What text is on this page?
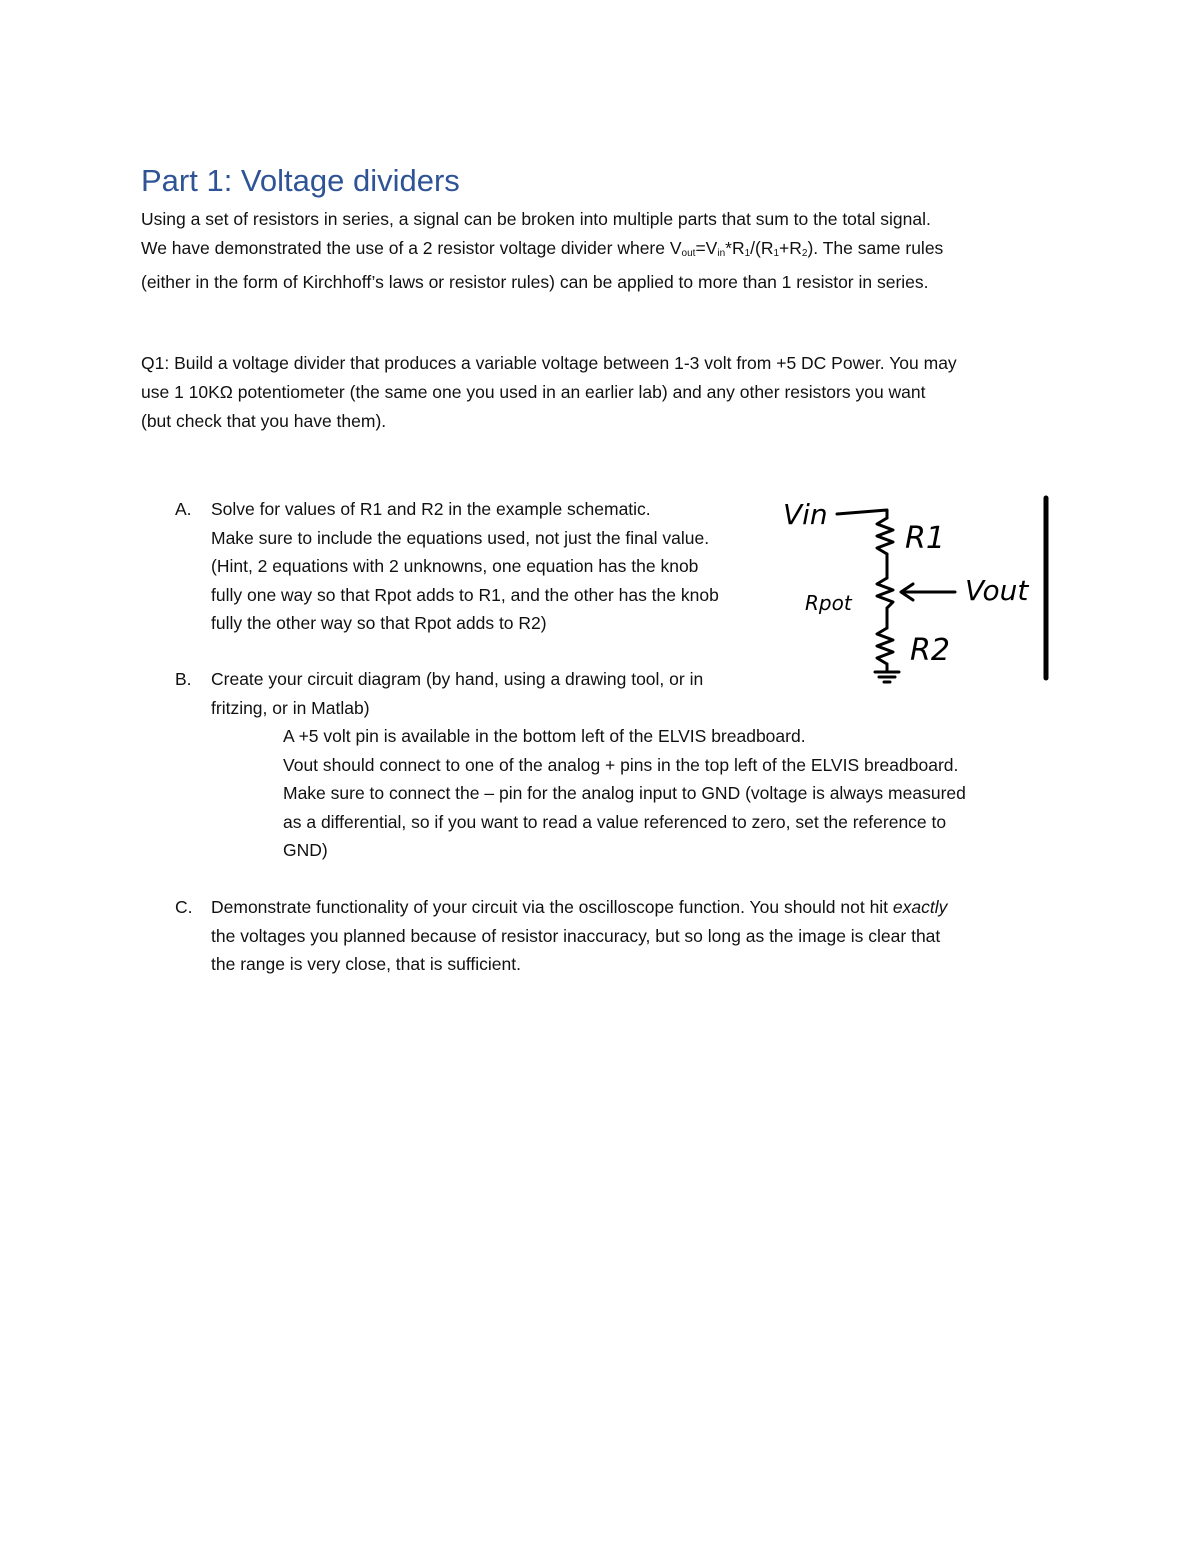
Part 1: Voltage dividers
Using a set of resistors in series, a signal can be broken into multiple parts that sum to the total signal.
We have demonstrated the use of a 2 resistor voltage divider where $V_{out}=V_{in}*R_1/(R_1+R_2)$. The same rules
(either in the form of Kirchhoff’s laws or resistor rules) can be applied to more than 1 resistor in series.
Q1: Build a voltage divider that produces a variable voltage between 1-3 volt from +5 DC Power. You may
use 1 10KΩ potentiometer (the same one you used in an earlier lab) and any other resistors you want
(but check that you have them).
A. Solve for values of R1 and R2 in the example schematic.
Make sure to include the equations used, not just the final value.
(Hint, 2 equations with 2 unknowns, one equation has the knob
fully one way so that Rpot adds to R1, and the other has the knob
fully the other way so that Rpot adds to R2)
Vin
R1
Rpot	Vout
R2
B. Create your circuit diagram (by hand, using a drawing tool, or in
fritzing, or in Matlab)
A +5 volt pin is available in the bottom left of the ELVIS breadboard.
Vout should connect to one of the analog + pins in the top left of the ELVIS breadboard.
Make sure to connect the – pin for the analog input to GND (voltage is always measured
as a differential, so if you want to read a value referenced to zero, set the reference to
GND)
C. Demonstrate functionality of your circuit via the oscilloscope function. You should not hit exactly
the voltages you planned because of resistor inaccuracy, but so long as the image is clear that
the range is very close, that is sufficient.
